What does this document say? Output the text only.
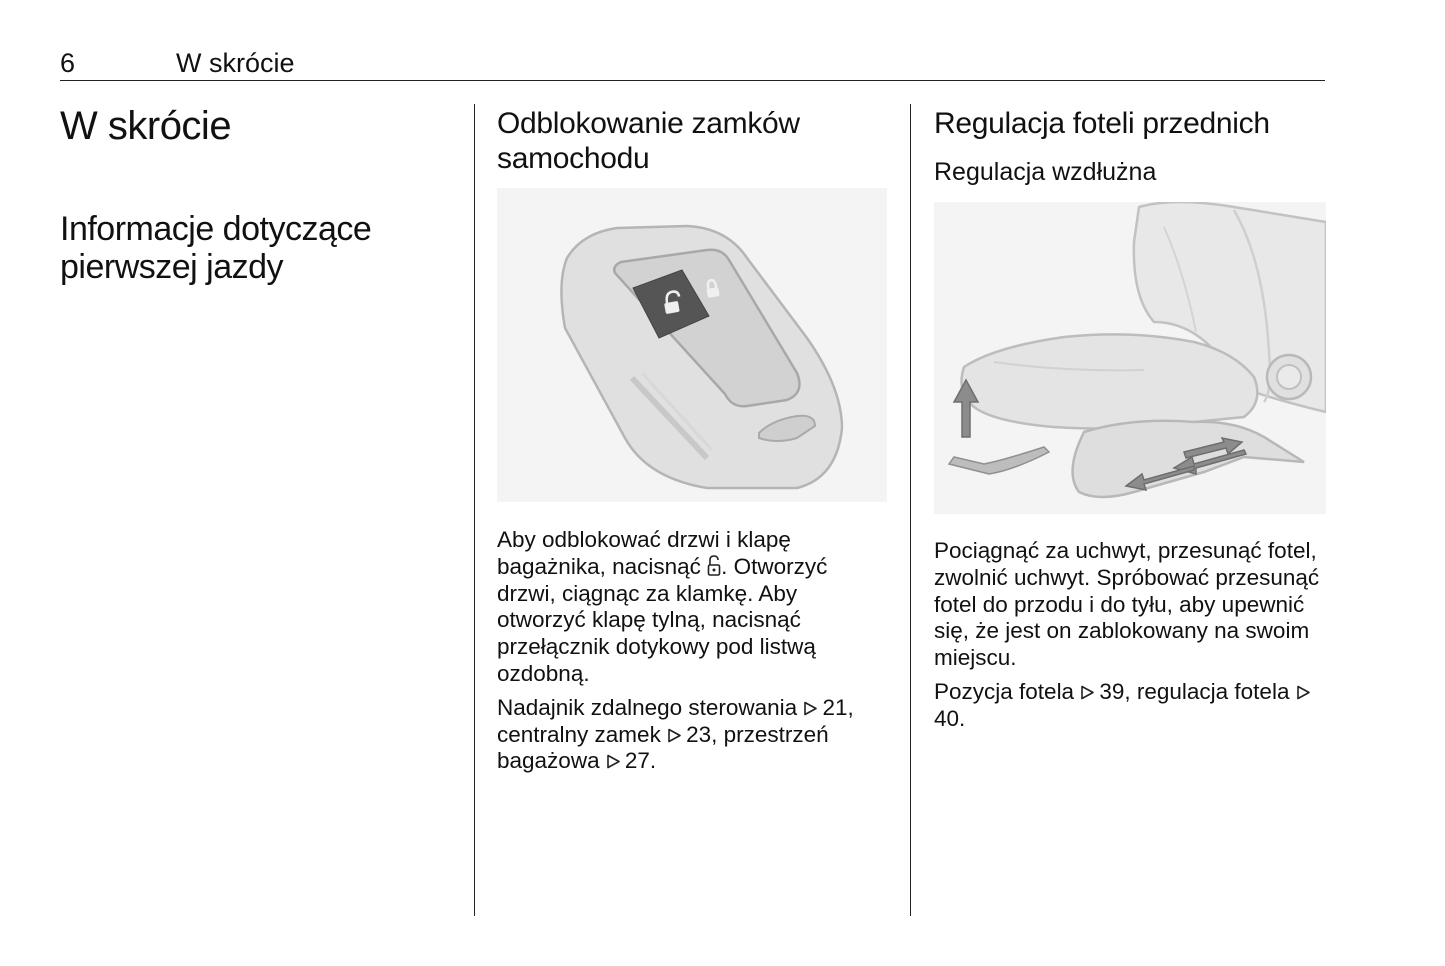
6	W skrócie
W skrócie
Informacje dotyczące pierwszej jazdy
Odblokowanie zamków samochodu

Aby odblokować drzwi i klapę bagażnika, nacisnąć . Otworzyć drzwi, ciągnąc za klamkę. Aby otworzyć klapę tylną, nacisnąć przełącznik dotykowy pod listwą ozdobną.

Nadajnik zdalnego sterowania 21, centralny zamek 23, przestrzeń bagażowa 27.

Regulacja foteli przednich
Regulacja wzdłużna

Pociągnąć za uchwyt, przesunąć fotel, zwolnić uchwyt. Spróbować przesunąć fotel do przodu i do tyłu, aby upewnić się, że jest on zablokowany na swoim miejscu.

Pozycja fotela 39, regulacja fotela 40.
